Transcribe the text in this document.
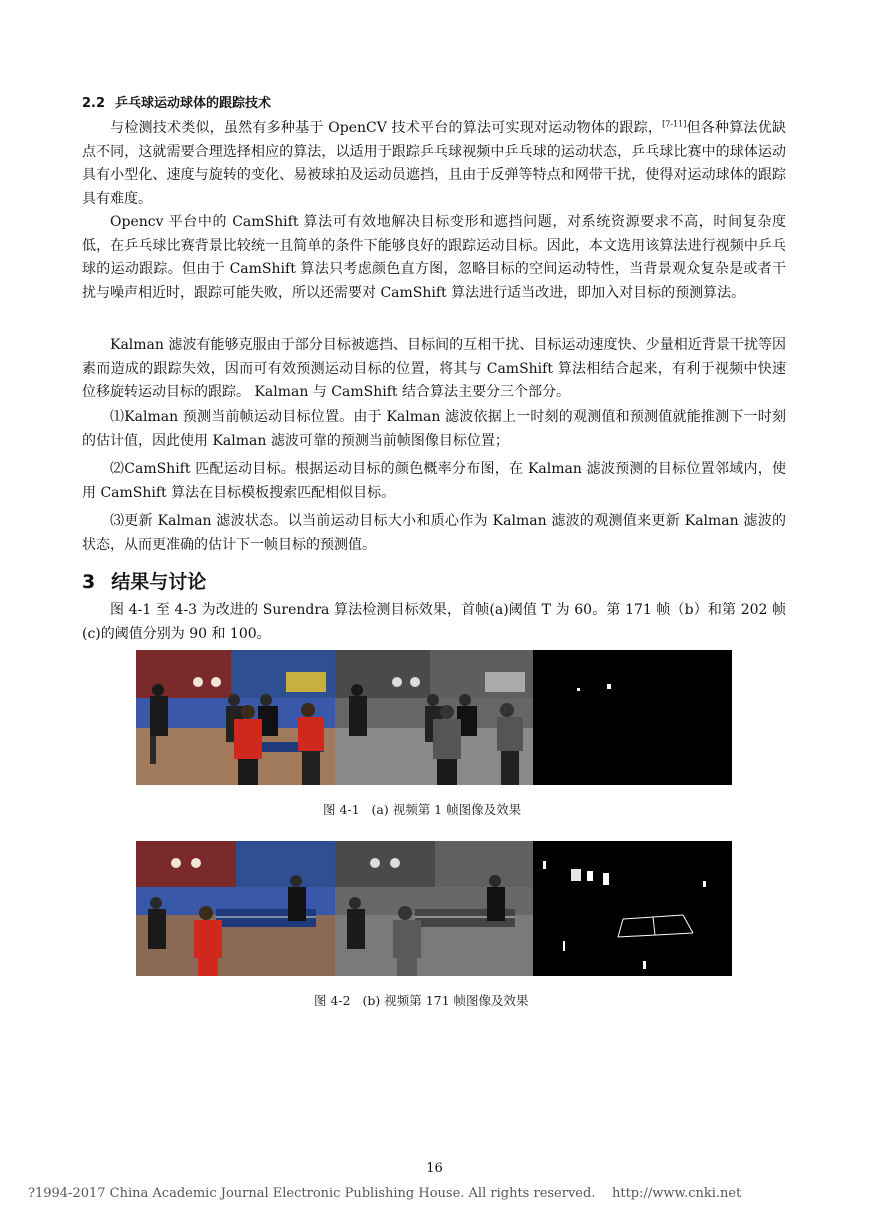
2.2 乒乓球运动球体的跟踪技术

与检测技术类似，虽然有多种基于 OpenCV 技术平台的算法可实现对运动物体的跟踪，[7-11]但各种算法优缺点不同，这就需要合理选择相应的算法，以适用于跟踪乒乓球视频中乒乓球的运动状态，乒乓球比赛中的球体运动具有小型化、速度与旋转的变化、易被球拍及运动员遮挡，且由于反弹等特点和网带干扰，使得对运动球体的跟踪具有难度。

Opencv 平台中的 CamShift 算法可有效地解决目标变形和遮挡问题，对系统资源要求不高，时间复杂度低，在乒乓球比赛背景比较统一且简单的条件下能够良好的跟踪运动目标。因此，本文选用该算法进行视频中乒乓球的运动跟踪。但由于 CamShift 算法只考虑颜色直方图，忽略目标的空间运动特性，当背景观众复杂是或者干扰与噪声相近时，跟踪可能失败，所以还需要对 CamShift 算法进行适当改进，即加入对目标的预测算法。

Kalman 滤波有能够克服由于部分目标被遮挡、目标间的互相干扰、目标运动速度快、少量相近背景干扰等因素而造成的跟踪失效，因而可有效预测运动目标的位置，将其与 CamShift 算法相结合起来，有利于视频中快速位移旋转运动目标的跟踪。 Kalman 与 CamShift 结合算法主要分三个部分。

⑴Kalman 预测当前帧运动目标位置。由于 Kalman 滤波依据上一时刻的观测值和预测值就能推测下一时刻的估计值，因此使用 Kalman 滤波可靠的预测当前帧图像目标位置；

⑵CamShift 匹配运动目标。根据运动目标的颜色概率分布图，在 Kalman 滤波预测的目标位置邻域内，使用 CamShift 算法在目标模板搜索匹配相似目标。

⑶更新 Kalman 滤波状态。以当前运动目标大小和质心作为 Kalman 滤波的观测值来更新 Kalman 滤波的状态，从而更准确的估计下一帧目标的预测值。

3 结果与讨论

图 4-1 至 4-3 为改进的 Surendra 算法检测目标效果，首帧(a)阈值 T 为 60。第 171 帧（b）和第 202 帧(c)的阈值分别为 90 和 100。

图 4-1   (a) 视频第 1 帧图像及效果
图 4-2   (b) 视频第 171 帧图像及效果
16
?1994-2017 China Academic Journal Electronic Publishing House. All rights reserved.    http://www.cnki.net
